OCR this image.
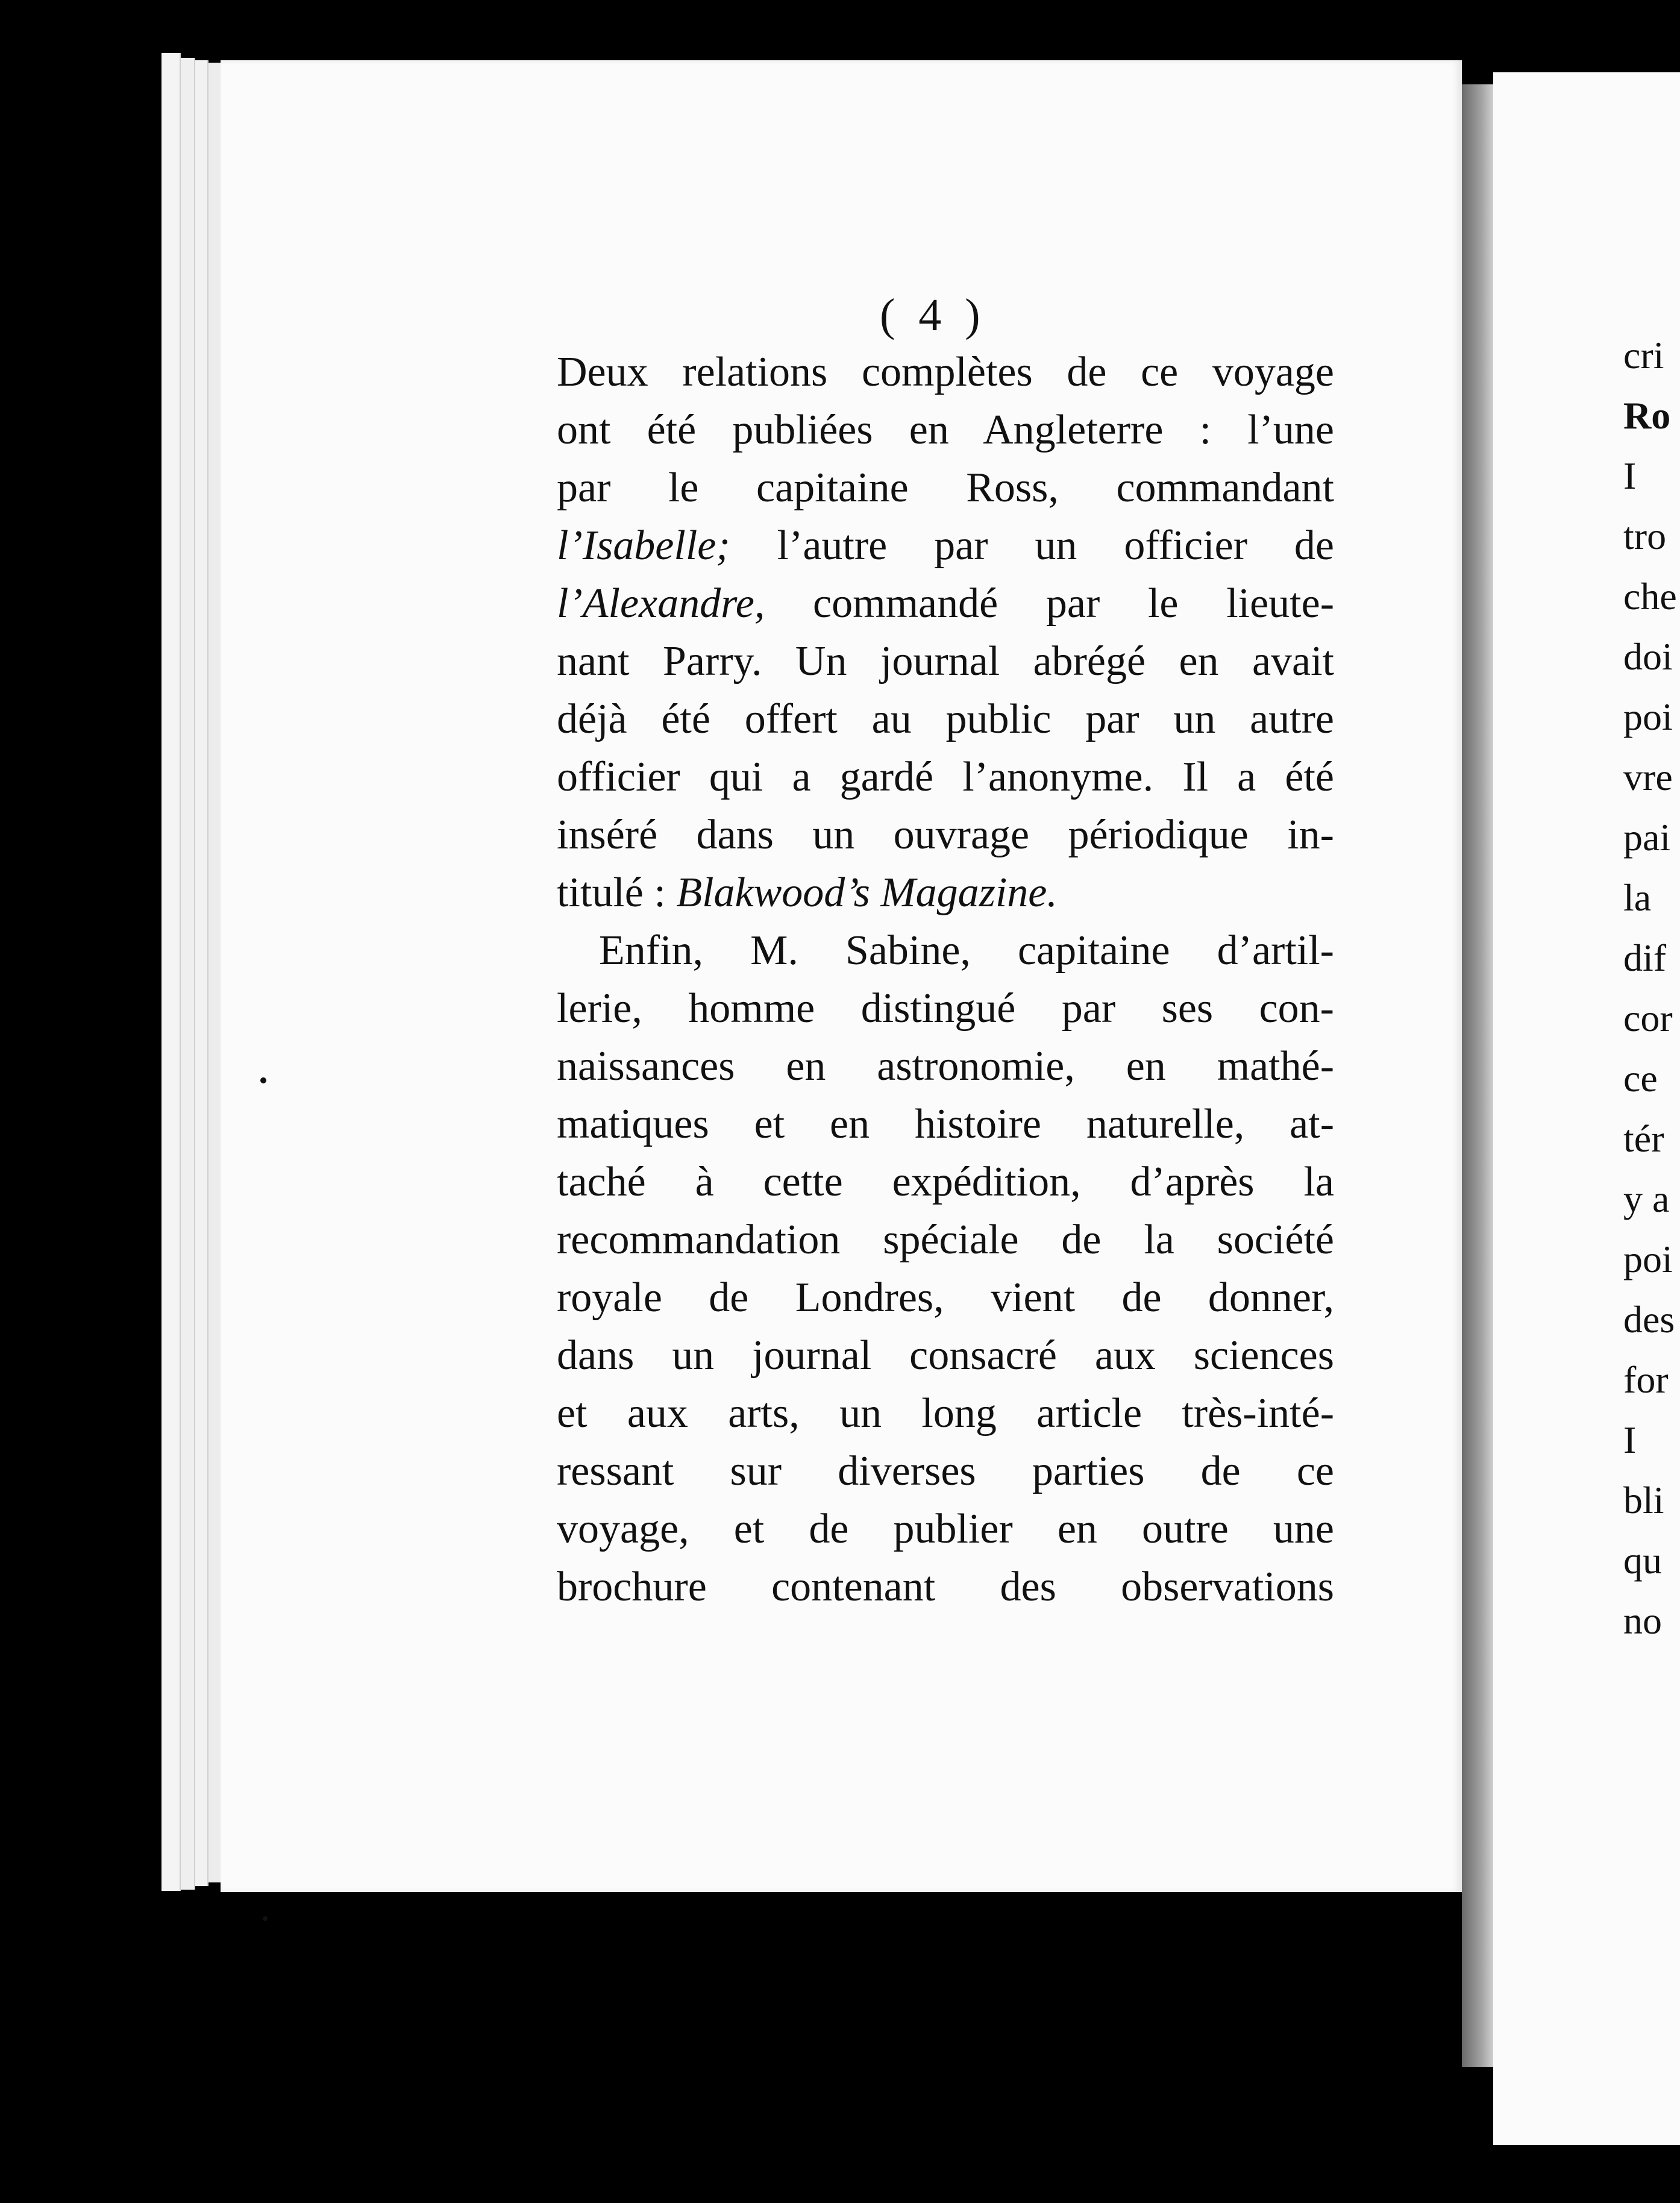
( 4 )
Deux relations complètes de ce voyage
ont été publiées en Angleterre : l’une
par le capitaine Ross, commandant
l’Isabelle; l’autre par un officier de
l’Alexandre, commandé par le lieute-
nant Parry. Un journal abrégé en avait
déjà été offert au public par un autre
officier qui a gardé l’anonyme. Il a été
inséré dans un ouvrage périodique in-
titulé : Blakwood’s Magazine.
Enfin, M. Sabine, capitaine d’artil-
lerie, homme distingué par ses con-
naissances en astronomie, en mathé-
matiques et en histoire naturelle, at-
taché à cette expédition, d’après la
recommandation spéciale de la société
royale de Londres, vient de donner,
dans un journal consacré aux sciences
et aux arts, un long article très-inté-
ressant sur diverses parties de ce
voyage, et de publier en outre une
brochure contenant des observations
cri
Ro
I
tro
che
doi
poi
vre
pai
la
dif
cor
ce
tér
y a
poi
des
for
I
bli
qu
no
